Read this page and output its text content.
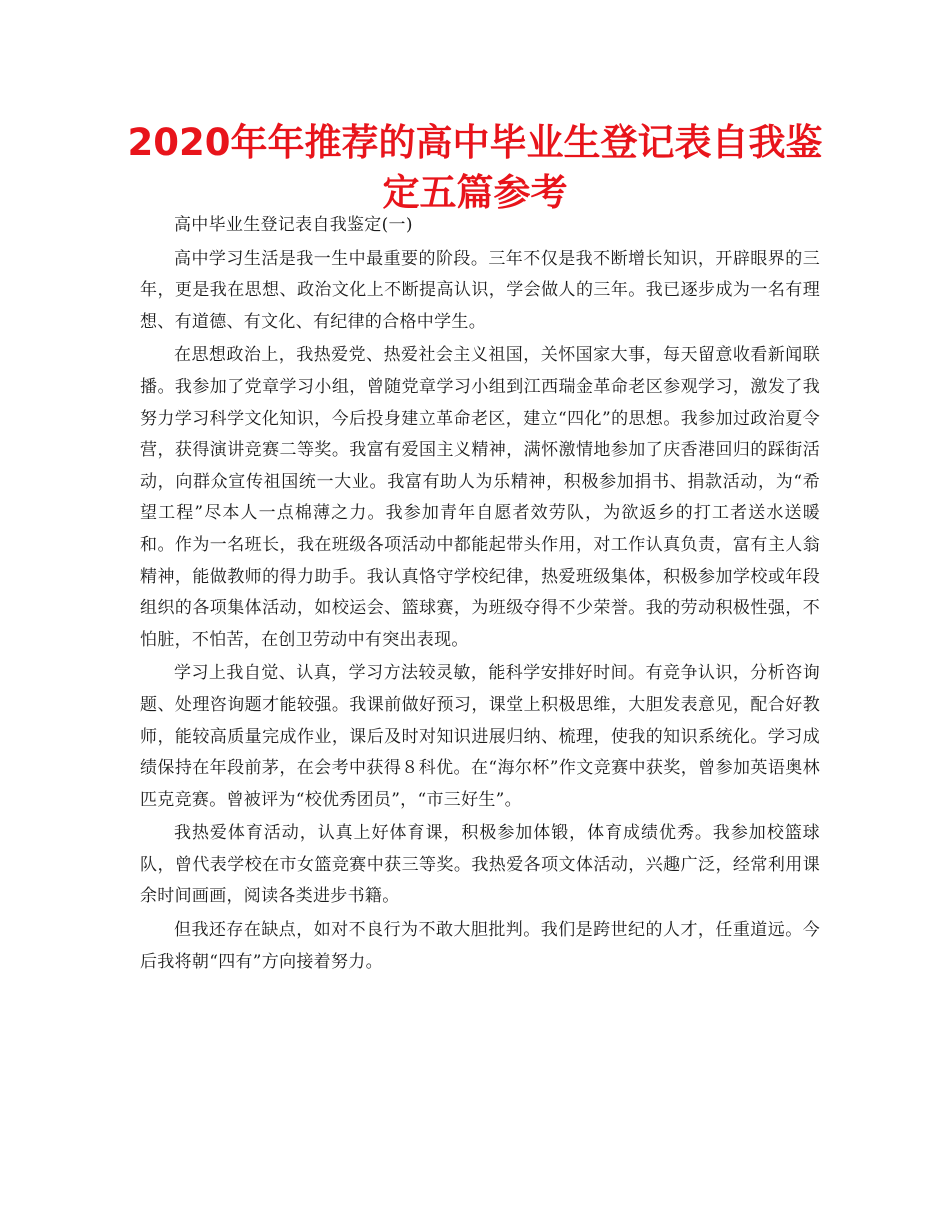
2020年年推荐的高中毕业生登记表自我鉴定五篇参考

高中毕业生登记表自我鉴定(一)

高中学习生活是我一生中最重要的阶段。三年不仅是我不断增长知识，开辟眼界的三年，更是我在思想、政治文化上不断提高认识，学会做人的三年。我已逐步成为一名有理想、有道德、有文化、有纪律的合格中学生。

在思想政治上，我热爱党、热爱社会主义祖国，关怀国家大事，每天留意收看新闻联播。我参加了党章学习小组，曾随党章学习小组到江西瑞金革命老区参观学习，激发了我努力学习科学文化知识，今后投身建立革命老区，建立“四化”的思想。我参加过政治夏令营，获得演讲竞赛二等奖。我富有爱国主义精神，满怀激情地参加了庆香港回归的踩街活动，向群众宣传祖国统一大业。我富有助人为乐精神，积极参加捐书、捐款活动，为“希望工程”尽本人一点棉薄之力。我参加青年自愿者效劳队，为欲返乡的打工者送水送暖和。作为一名班长，我在班级各项活动中都能起带头作用，对工作认真负责，富有主人翁精神，能做教师的得力助手。我认真恪守学校纪律，热爱班级集体，积极参加学校或年段组织的各项集体活动，如校运会、篮球赛，为班级夺得不少荣誉。我的劳动积极性强，不怕脏，不怕苦，在创卫劳动中有突出表现。

学习上我自觉、认真，学习方法较灵敏，能科学安排好时间。有竞争认识，分析咨询题、处理咨询题才能较强。我课前做好预习，课堂上积极思维，大胆发表意见，配合好教师，能较高质量完成作业，课后及时对知识进展归纳、梳理，使我的知识系统化。学习成绩保持在年段前茅，在会考中获得８科优。在“海尔杯”作文竞赛中获奖，曾参加英语奥林匹克竞赛。曾被评为“校优秀团员”，“市三好生”。

我热爱体育活动，认真上好体育课，积极参加体锻，体育成绩优秀。我参加校篮球队，曾代表学校在市女篮竞赛中获三等奖。我热爱各项文体活动，兴趣广泛，经常利用课余时间画画，阅读各类进步书籍。

但我还存在缺点，如对不良行为不敢大胆批判。我们是跨世纪的人才，任重道远。今后我将朝“四有”方向接着努力。
